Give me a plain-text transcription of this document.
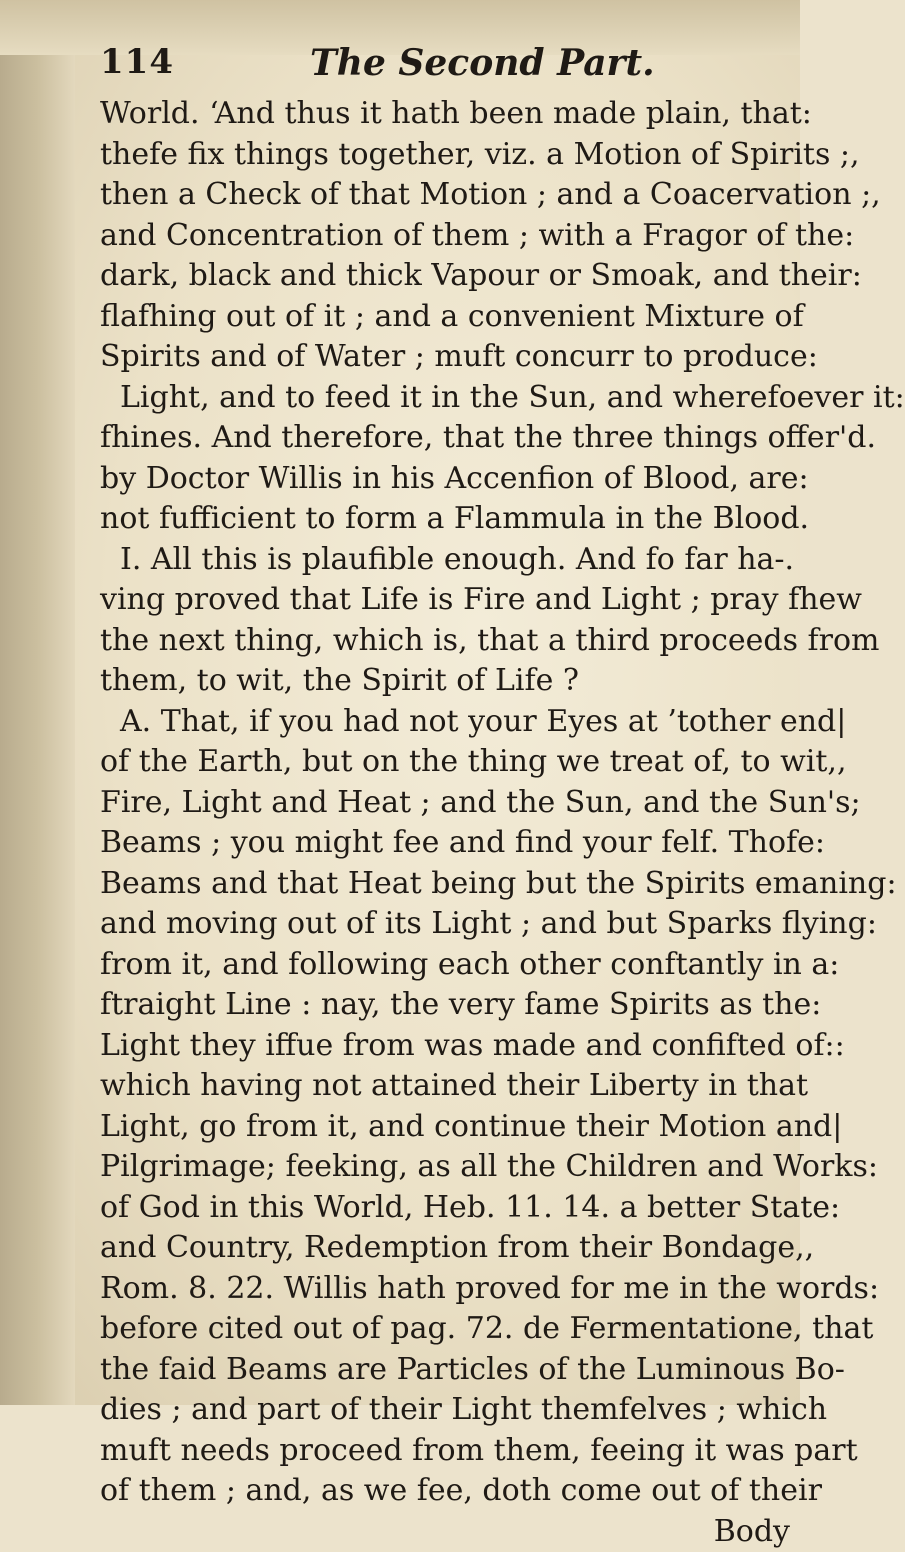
114	The Second Part.
World. ‘And thus it hath been made plain, that:
thefe fix things together, viz. a Motion of Spirits ;,
then a Check of that Motion ; and a Coacervation ;,
and Concentration of them ; with a Fragor of the:
dark, black and thick Vapour or Smoak, and their:
flafhing out of it ; and a convenient Mixture of
Spirits and of Water ; muft concurr to produce:
Light, and to feed it in the Sun, and wherefoever it:
fhines. And therefore, that the three things offer'd.
by Doctor Willis in his Accenfion of Blood, are:
not fufficient to form a Flammula in the Blood.
I. All this is plaufible enough. And fo far ha-.
ving proved that Life is Fire and Light ; pray fhew
the next thing, which is, that a third proceeds from
them, to wit, the Spirit of Life ?
A. That, if you had not your Eyes at ’tother end|
of the Earth, but on the thing we treat of, to wit,,
Fire, Light and Heat ; and the Sun, and the Sun's;
Beams ; you might fee and find your felf. Thofe:
Beams and that Heat being but the Spirits emaning:
and moving out of its Light ; and but Sparks flying:
from it, and following each other conftantly in a:
ftraight Line : nay, the very fame Spirits as the:
Light they iffue from was made and confifted of::
which having not attained their Liberty in that
Light, go from it, and continue their Motion and|
Pilgrimage; feeking, as all the Children and Works:
of God in this World, Heb. 11. 14. a better State:
and Country, Redemption from their Bondage,,
Rom. 8. 22. Willis hath proved for me in the words:
before cited out of pag. 72. de Fermentatione, that
the faid Beams are Particles of the Luminous Bo-
dies ; and part of their Light themfelves ; which
muft needs proceed from them, feeing it was part
of them ; and, as we fee, doth come out of their
Body
